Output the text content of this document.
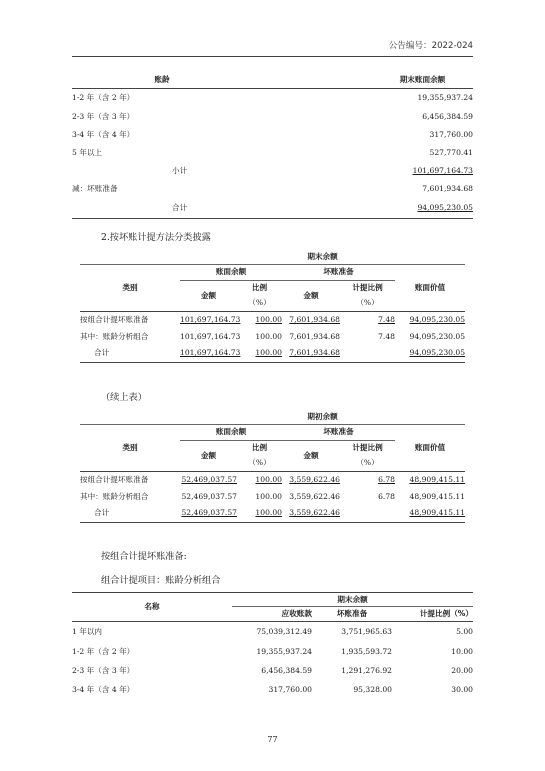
公告编号：2022-024
账龄		期末账面余额
1-2 年（含 2 年）		19,355,937.24
2-3 年（含 3 年）		6,456,384.59
3-4 年（含 4 年）		317,760.00
5 年以上		527,770.41
	小计	101,697,164.73
减：坏账准备		7,601,934.68
	合计	94,095,230.05
2.按坏账计提方法分类披露
	期末余额				
类别	账面余额		坏账准备		账面价值
	金额	比例	金额	计提比例	
		（%）		（%）	
按组合计提坏账准备	101,697,164.73	100.00	7,601,934.68	7.48	94,095,230.05
其中：账龄分析组合	101,697,164.73	100.00	7,601,934.68	7.48	94,095,230.05
合计	101,697,164.73	100.00	7,601,934.68		94,095,230.05
（续上表）
	期初余额				
类别	账面余额		坏账准备		账面价值
	金额	比例	金额	计提比例	
		（%）		（%）	
按组合计提坏账准备	52,469,037.57	100.00	3,559,622.46	6.78	48,909,415.11
其中：账龄分析组合	52,469,037.57	100.00	3,559,622.46	6.78	48,909,415.11
合计	52,469,037.57	100.00	3,559,622.46		48,909,415.11
按组合计提坏账准备:
组合计提项目：账龄分析组合
名称	期末余额		
	应收账款	坏账准备	计提比例（%）
1 年以内	75,039,312.49	3,751,965.63	5.00
1-2 年（含 2 年）	19,355,937.24	1,935,593.72	10.00
2-3 年（含 3 年）	6,456,384.59	1,291,276.92	20.00
3-4 年（含 4 年）	317,760.00	95,328.00	30.00
77
